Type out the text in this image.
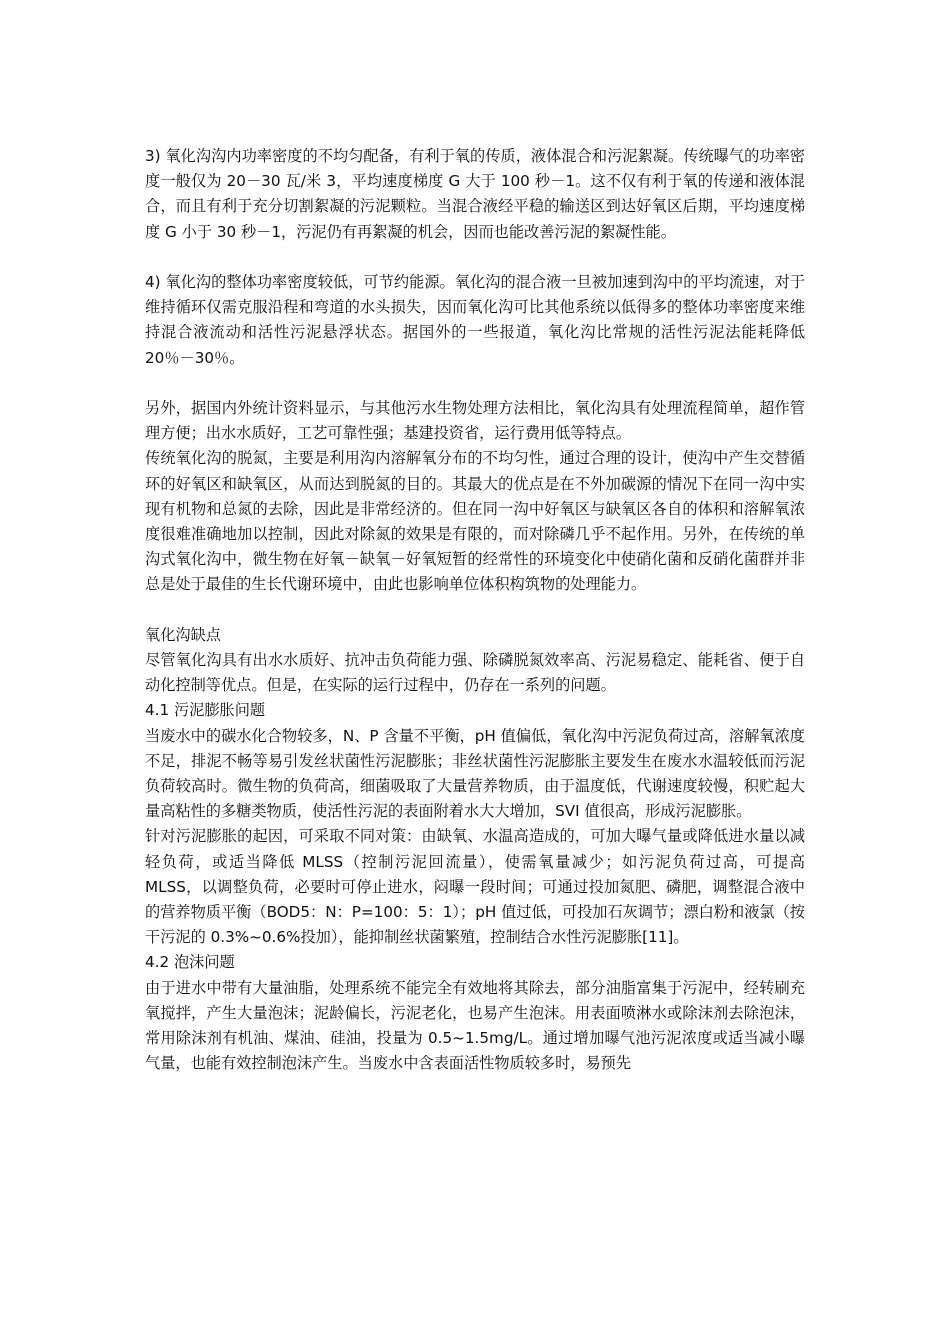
3) 氧化沟沟内功率密度的不均匀配备，有利于氧的传质，液体混合和污泥絮凝。传统曝气的功率密度一般仅为 20－30 瓦/米 3，平均速度梯度 G 大于 100 秒－1。这不仅有利于氧的传递和液体混合，而且有利于充分切割絮凝的污泥颗粒。当混合液经平稳的输送区到达好氧区后期，平均速度梯度 G 小于 30 秒－1，污泥仍有再絮凝的机会，因而也能改善污泥的絮凝性能。

4) 氧化沟的整体功率密度较低，可节约能源。氧化沟的混合液一旦被加速到沟中的平均流速，对于维持循环仅需克服沿程和弯道的水头损失，因而氧化沟可比其他系统以低得多的整体功率密度来维持混合液流动和活性污泥悬浮状态。据国外的一些报道，氧化沟比常规的活性污泥法能耗降低 20％－30％。

另外，据国内外统计资料显示，与其他污水生物处理方法相比，氧化沟具有处理流程简单，超作管理方便；出水水质好，工艺可靠性强；基建投资省，运行费用低等特点。

传统氧化沟的脱氮，主要是利用沟内溶解氧分布的不均匀性，通过合理的设计，使沟中产生交替循环的好氧区和缺氧区，从而达到脱氮的目的。其最大的优点是在不外加碳源的情况下在同一沟中实现有机物和总氮的去除，因此是非常经济的。但在同一沟中好氧区与缺氧区各自的体积和溶解氧浓度很难准确地加以控制，因此对除氮的效果是有限的，而对除磷几乎不起作用。另外，在传统的单沟式氧化沟中，微生物在好氧－缺氧－好氧短暂的经常性的环境变化中使硝化菌和反硝化菌群并非总是处于最佳的生长代谢环境中，由此也影响单位体积构筑物的处理能力。

氧化沟缺点

尽管氧化沟具有出水水质好、抗冲击负荷能力强、除磷脱氮效率高、污泥易稳定、能耗省、便于自动化控制等优点。但是，在实际的运行过程中，仍存在一系列的问题。

4.1 污泥膨胀问题

当废水中的碳水化合物较多，N、P 含量不平衡，pH 值偏低，氧化沟中污泥负荷过高，溶解氧浓度不足，排泥不畅等易引发丝状菌性污泥膨胀；非丝状菌性污泥膨胀主要发生在废水水温较低而污泥负荷较高时。微生物的负荷高，细菌吸取了大量营养物质，由于温度低，代谢速度较慢，积贮起大量高粘性的多糖类物质，使活性污泥的表面附着水大大增加，SVI 值很高，形成污泥膨胀。

针对污泥膨胀的起因，可采取不同对策：由缺氧、水温高造成的，可加大曝气量或降低进水量以减轻负荷，或适当降低 MLSS（控制污泥回流量），使需氧量减少；如污泥负荷过高，可提高 MLSS，以调整负荷，必要时可停止进水，闷曝一段时间；可通过投加氮肥、磷肥，调整混合液中的营养物质平衡（BOD5：N：P=100：5：1）；pH 值过低，可投加石灰调节；漂白粉和液氯（按干污泥的 0.3%~0.6%投加），能抑制丝状菌繁殖，控制结合水性污泥膨胀[11]。

4.2 泡沫问题

由于进水中带有大量油脂，处理系统不能完全有效地将其除去，部分油脂富集于污泥中，经转刷充氧搅拌，产生大量泡沫；泥龄偏长，污泥老化，也易产生泡沫。用表面喷淋水或除沫剂去除泡沫，常用除沫剂有机油、煤油、硅油，投量为 0.5~1.5mg/L。通过增加曝气池污泥浓度或适当减小曝气量，也能有效控制泡沫产生。当废水中含表面活性物质较多时，易预先
